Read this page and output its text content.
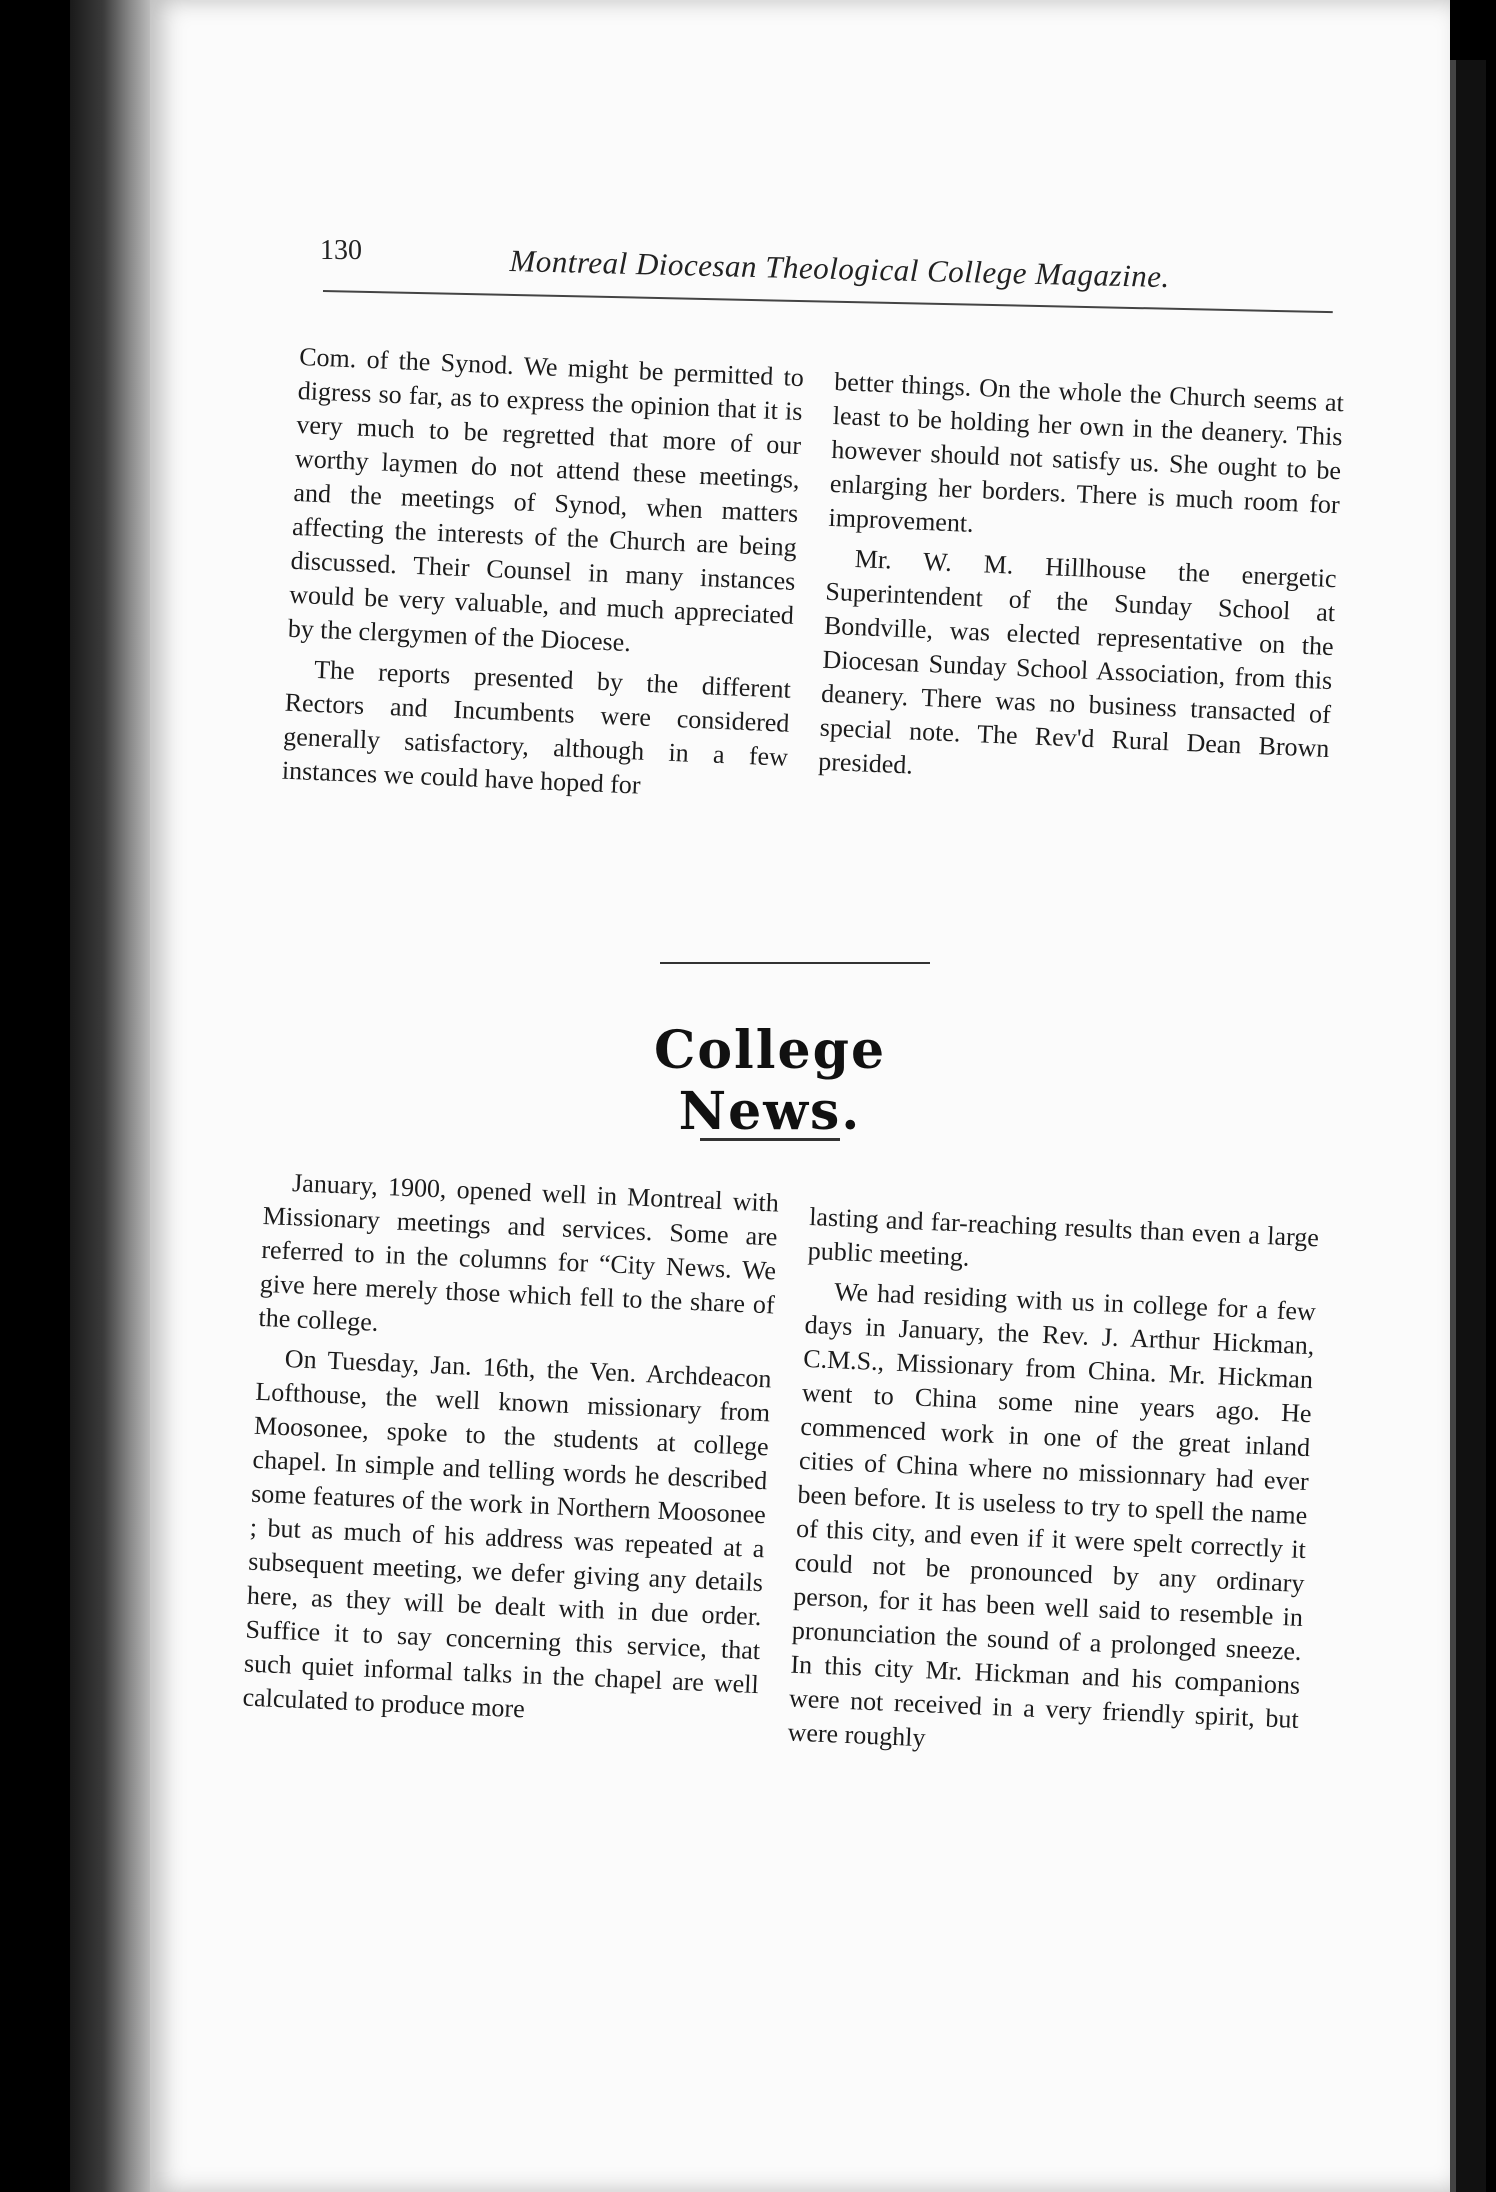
130	Montreal Diocesan Theological College Magazine.

Com. of the Synod. We might be permitted to digress so far, as to express the opinion that it is very much to be regretted that more of our worthy laymen do not attend these meetings, and the meetings of Synod, when matters affecting the interests of the Church are being discussed. Their Counsel in many instances would be very valuable, and much appreciated by the clergymen of the Diocese.

The reports presented by the different Rectors and Incumbents were considered generally satisfactory, although in a few instances we could have hoped for

better things. On the whole the Church seems at least to be holding her own in the deanery. This however should not satisfy us. She ought to be enlarging her borders. There is much room for improvement.

Mr. W. M. Hillhouse the energetic Superintendent of the Sunday School at Bondville, was elected representative on the Diocesan Sunday School Association, from this deanery. There was no business transacted of special note. The Rev'd Rural Dean Brown presided.

College News.

January, 1900, opened well in Montreal with Missionary meetings and services. Some are referred to in the columns for “City News. We give here merely those which fell to the share of the college.

On Tuesday, Jan. 16th, the Ven. Archdeacon Lofthouse, the well known missionary from Moosonee, spoke to the students at college chapel. In simple and telling words he described some features of the work in Northern Moosonee ; but as much of his address was repeated at a subsequent meeting, we defer giving any details here, as they will be dealt with in due order. Suffice it to say concerning this service, that such quiet informal talks in the chapel are well calculated to produce more

lasting and far-reaching results than even a large public meeting.

We had residing with us in college for a few days in January, the Rev. J. Arthur Hickman, C.M.S., Missionary from China. Mr. Hickman went to China some nine years ago. He commenced work in one of the great inland cities of China where no missionnary had ever been before. It is useless to try to spell the name of this city, and even if it were spelt correctly it could not be pronounced by any ordinary person, for it has been well said to resemble in pronunciation the sound of a prolonged sneeze. In this city Mr. Hickman and his companions were not received in a very friendly spirit, but were roughly
